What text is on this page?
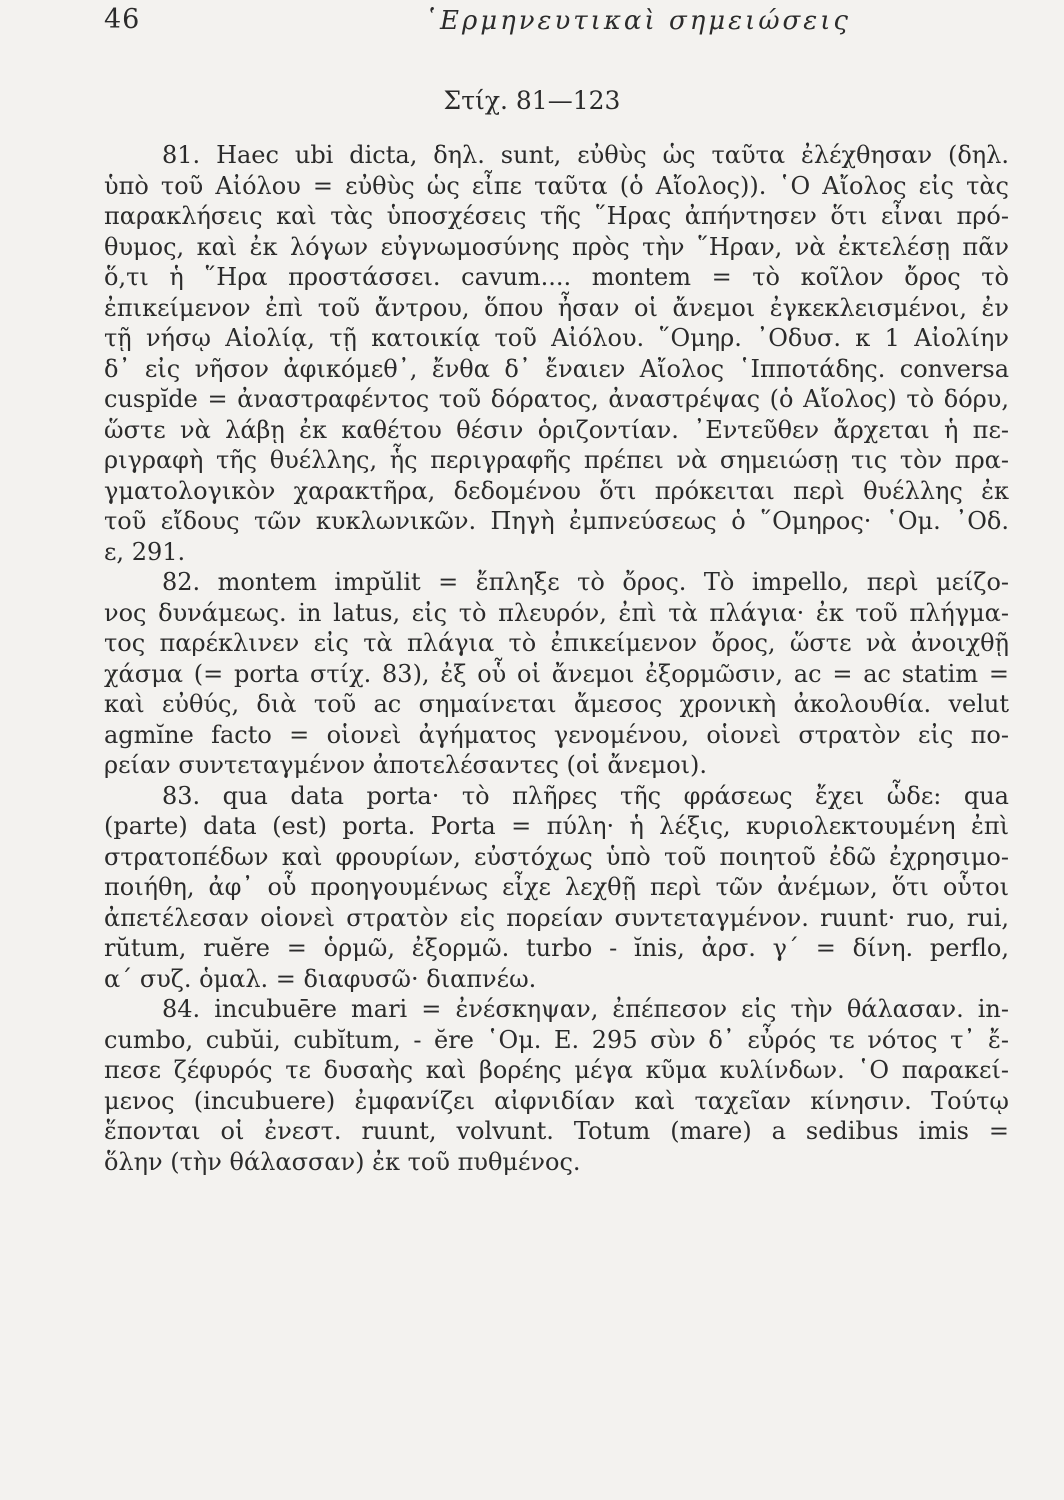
46	῾Ερμηνευτικαὶ σημειώσεις
Στίχ. 81—123
81. Haec ubi dicta, δηλ. sunt, εὐθὺς ὡς ταῦτα ἐλέχθησαν (δηλ.
ὑπὸ τοῦ Αἰόλου = εὐθὺς ὡς εἶπε ταῦτα (ὁ Αἴολος)). ῾Ο Αἴολος εἰς τὰς
παρακλήσεις καὶ τὰς ὑποσχέσεις τῆς ῞Ηρας ἀπήντησεν ὅτι εἶναι πρό-
θυμος, καὶ ἐκ λόγων εὐγνωμοσύνης πρὸς τὴν ῞Ηραν, νὰ ἐκτελέσῃ πᾶν
ὅ,τι ἡ ῞Ηρα προστάσσει. cavum.... montem = τὸ κοῖλον ὄρος τὸ
ἐπικείμενον ἐπὶ τοῦ ἄντρου, ὅπου ἦσαν οἱ ἄνεμοι ἐγκεκλεισμένοι, ἐν
τῇ νήσῳ Αἰολίᾳ, τῇ κατοικίᾳ τοῦ Αἰόλου. ῞Ομηρ. ᾿Οδυσ. κ 1 Αἰολίην
δ᾿ εἰς νῆσον ἀφικόμεθ᾿, ἔνθα δ᾿ ἔναιεν Αἴολος ῾Ιπποτάδης. conversa
cuspĭde = ἀναστραφέντος τοῦ δόρατος, ἀναστρέψας (ὁ Αἴολος) τὸ δόρυ,
ὥστε νὰ λάβῃ ἐκ καθέτου θέσιν ὁριζοντίαν. ᾿Εντεῦθεν ἄρχεται ἡ πε-
ριγραφὴ τῆς θυέλλης, ἧς περιγραφῆς πρέπει νὰ σημειώσῃ τις τὸν πρα-
γματολογικὸν χαρακτῆρα, δεδομένου ὅτι πρόκειται περὶ θυέλλης ἐκ
τοῦ εἴδους τῶν κυκλωνικῶν. Πηγὴ ἐμπνεύσεως ὁ ῞Ομηρος· ῾Ομ. ᾿Οδ.
ε, 291.
82. montem impŭlit = ἔπληξε τὸ ὄρος. Τὸ impello, περὶ μείζο-
νος δυνάμεως. in latus, εἰς τὸ πλευρόν, ἐπὶ τὰ πλάγια· ἐκ τοῦ πλήγμα-
τος παρέκλινεν εἰς τὰ πλάγια τὸ ἐπικείμενον ὄρος, ὥστε νὰ ἀνοιχθῇ
χάσμα (= porta στίχ. 83), ἐξ οὗ οἱ ἄνεμοι ἐξορμῶσιν, ac = ac statim =
καὶ εὐθύς, διὰ τοῦ ac σημαίνεται ἄμεσος χρονικὴ ἀκολουθία. velut
agmĭne facto = οἱονεὶ ἀγήματος γενομένου, οἱονεὶ στρατὸν εἰς πο-
ρείαν συντεταγμένον ἀποτελέσαντες (οἱ ἄνεμοι).
83. qua data porta· τὸ πλῆρες τῆς φράσεως ἔχει ὧδε: qua
(parte) data (est) porta. Porta = πύλη· ἡ λέξις, κυριολεκτουμένη ἐπὶ
στρατοπέδων καὶ φρουρίων, εὐστόχως ὑπὸ τοῦ ποιητοῦ ἐδῶ ἐχρησιμο-
ποιήθη, ἀφ᾿ οὗ προηγουμένως εἶχε λεχθῇ περὶ τῶν ἀνέμων, ὅτι οὗτοι
ἀπετέλεσαν οἱονεὶ στρατὸν εἰς πορείαν συντεταγμένον. ruunt· ruo, rui,
rŭtum, ruĕre = ὁρμῶ, ἐξορμῶ. turbo - ĭnis, ἀρσ. γ΄ = δίνη. perflo,
α΄ συζ. ὁμαλ. = διαφυσῶ· διαπνέω.
84. incubuēre mari = ἐνέσκηψαν, ἐπέπεσον εἰς τὴν θάλασαν. in-
cumbo, cubŭi, cubĭtum, - ĕre ῾Ομ. Ε. 295 σὺν δ᾿ εὖρός τε νότος τ᾿ ἔ-
πεσε ζέφυρός τε δυσαὴς καὶ βορέης μέγα κῦμα κυλίνδων. ῾Ο παρακεί-
μενος (incubuere) ἐμφανίζει αἰφνιδίαν καὶ ταχεῖαν κίνησιν. Τούτῳ
ἕπονται οἱ ἐνεστ. ruunt, volvunt. Totum (mare) a sedibus imis =
ὅλην (τὴν θάλασσαν) ἐκ τοῦ πυθμένος.
